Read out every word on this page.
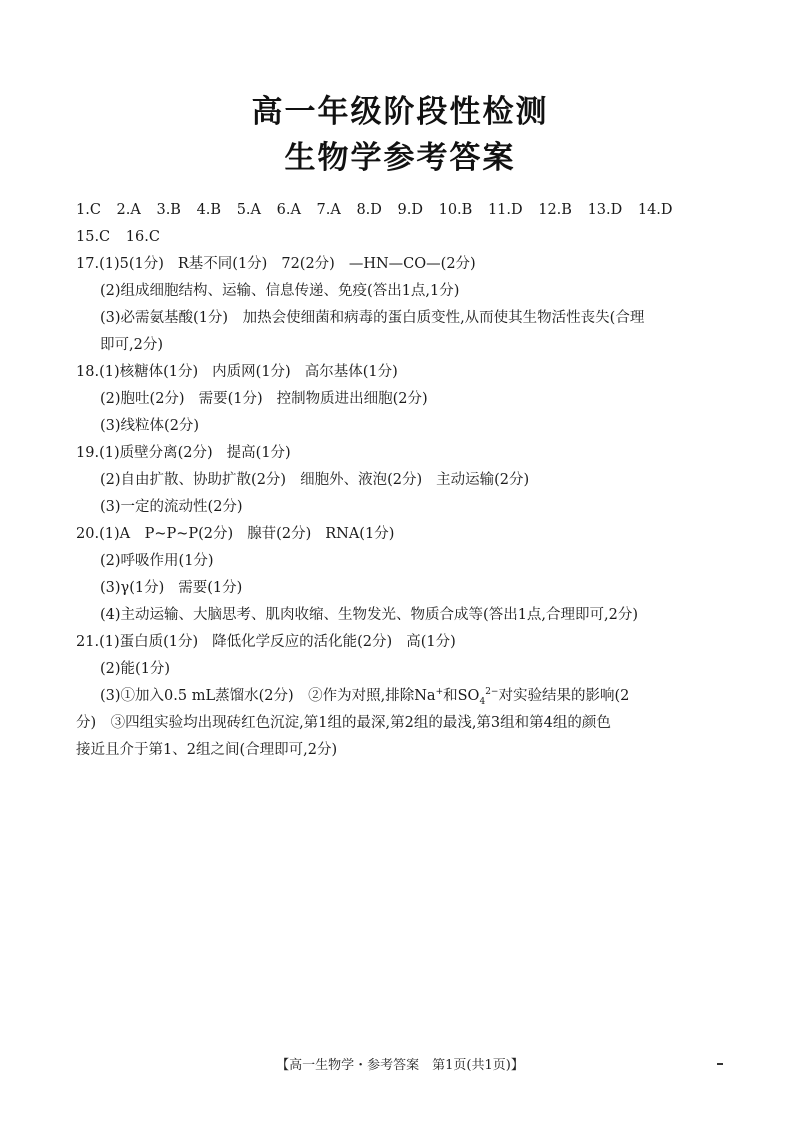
高一年级阶段性检测
生物学参考答案
1.C 2.A 3.B 4.B 5.A 6.A 7.A 8.D 9.D 10.B 11.D 12.B 13.D 14.D
15.C 16.C
17.(1)5(1分) R基不同(1分) 72(2分) —HN—CO—(2分)
(2)组成细胞结构、运输、信息传递、免疫(答出1点,1分)
(3)必需氨基酸(1分)　加热会使细菌和病毒的蛋白质变性,从而使其生物活性丧失(合理
即可,2分)
18.(1)核糖体(1分) 内质网(1分) 高尔基体(1分)
(2)胞吐(2分) 需要(1分) 控制物质进出细胞(2分)
(3)线粒体(2分)
19.(1)质壁分离(2分) 提高(1分)
(2)自由扩散、协助扩散(2分) 细胞外、液泡(2分) 主动运输(2分)
(3)一定的流动性(2分)
20.(1)A　P~P~P(2分) 腺苷(2分) RNA(1分)
(2)呼吸作用(1分)
(3)γ(1分) 需要(1分)
(4)主动运输、大脑思考、肌肉收缩、生物发光、物质合成等(答出1点,合理即可,2分)
21.(1)蛋白质(1分) 降低化学反应的活化能(2分) 高(1分)
(2)能(1分)
(3)①加入0.5 mL蒸馏水(2分)　②作为对照,排除Na+和$SO_4^{2-}$对实验结果的影响(2
分)　③四组实验均出现砖红色沉淀,第1组的最深,第2组的最浅,第3组和第4组的颜色
接近且介于第1、2组之间(合理即可,2分)
【高一生物学・参考答案　第1页(共1页)】
